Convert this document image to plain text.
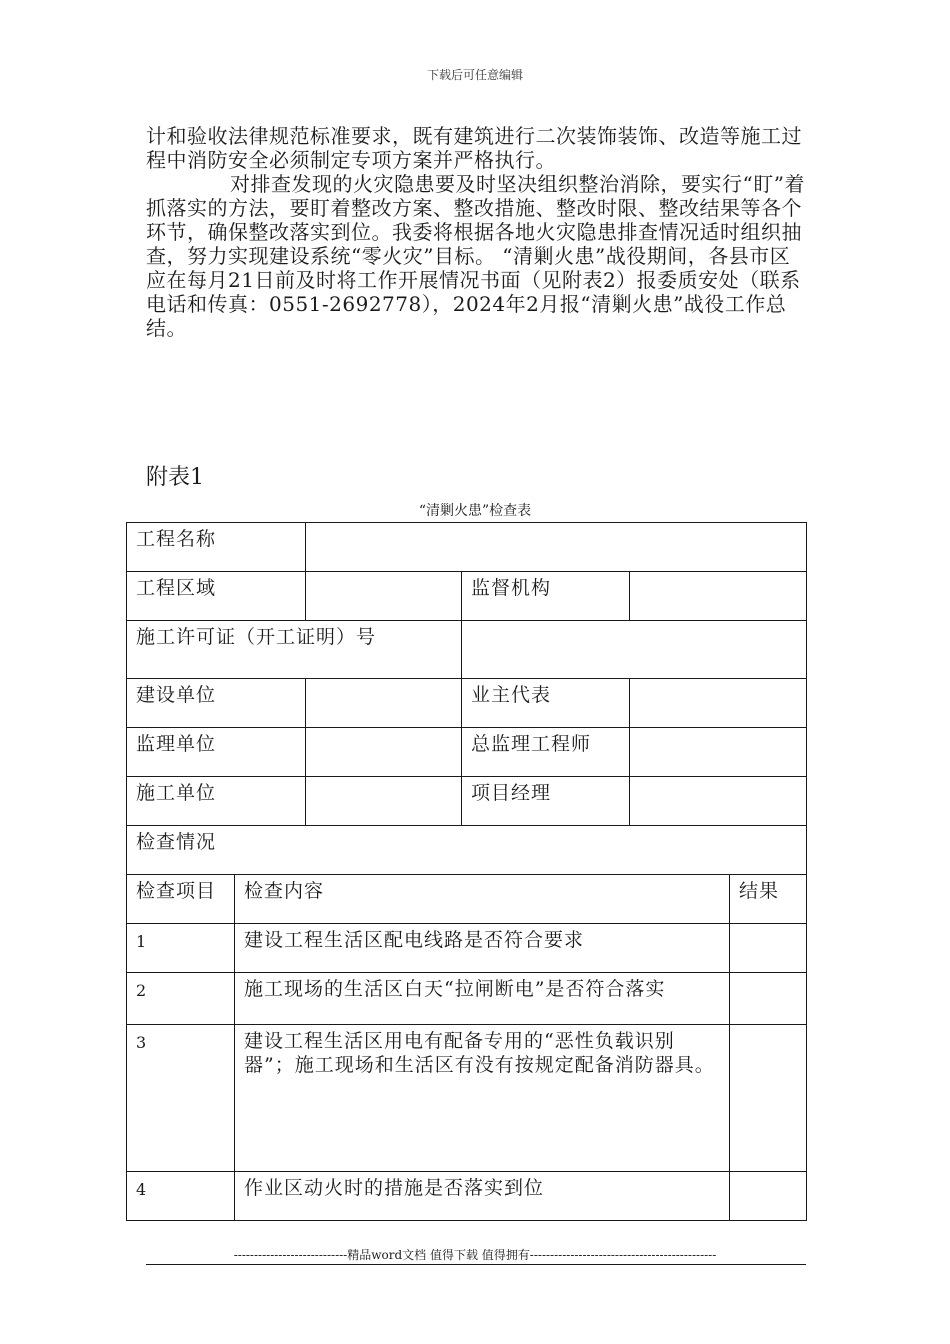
下载后可任意编辑

计和验收法律规范标准要求，既有建筑进行二次装饰装饰、改造等施工过程中消防安全必须制定专项方案并严格执行。

对排查发现的火灾隐患要及时坚决组织整治消除，要实行“盯”着抓落实的方法，要盯着整改方案、整改措施、整改时限、整改结果等各个环节，确保整改落实到位。我委将根据各地火灾隐患排查情况适时组织抽查，努力实现建设系统“零火灾”目标。 “清剿火患”战役期间，各县市区应在每月21日前及时将工作开展情况书面（见附表2）报委质安处（联系电话和传真：0551-2692778），2024年2月报“清剿火患”战役工作总结。

附表1
“清剿火患”检查表
工程名称					
工程区域			监督机构		
施工许可证（开工证明）号					
建设单位			业主代表		
监理单位			总监理工程师		
施工单位			项目经理		
检查情况					
检查项目	检查内容				结果
1	建设工程生活区配电线路是否符合要求				
2	施工现场的生活区白天“拉闸断电”是否符合落实				
3	建设工程生活区用电有配备专用的“恶性负载识别器”；施工现场和生活区有没有按规定配备消防器具。				
4	作业区动火时的措施是否落实到位				
----------------------------精品word文档 值得下载 值得拥有----------------------------------------------
